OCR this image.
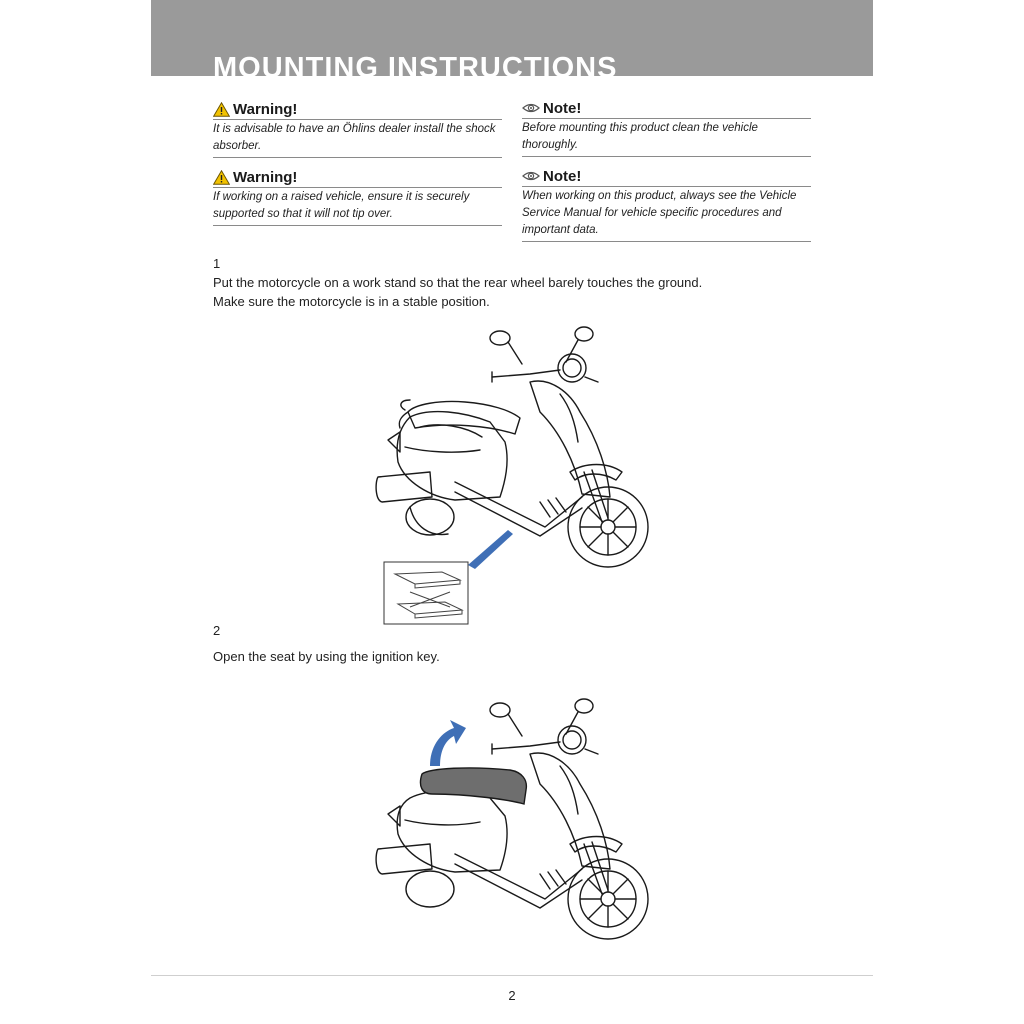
MOUNTING INSTRUCTIONS
Warning!
It is advisable to have an Öhlins dealer install the shock absorber.
Note!
Before mounting this product clean the vehicle thoroughly.
Warning!
If working on a raised vehicle, ensure it is securely supported so that it will not tip over.
Note!
When working on this product, always see the Vehicle Service Manual for vehicle specific procedures and important data.
1
Put the motorcycle on a work stand so that the rear wheel barely touches the ground.
Make sure the motorcycle is in a stable position.
2
Open the seat by using the ignition key.
2
